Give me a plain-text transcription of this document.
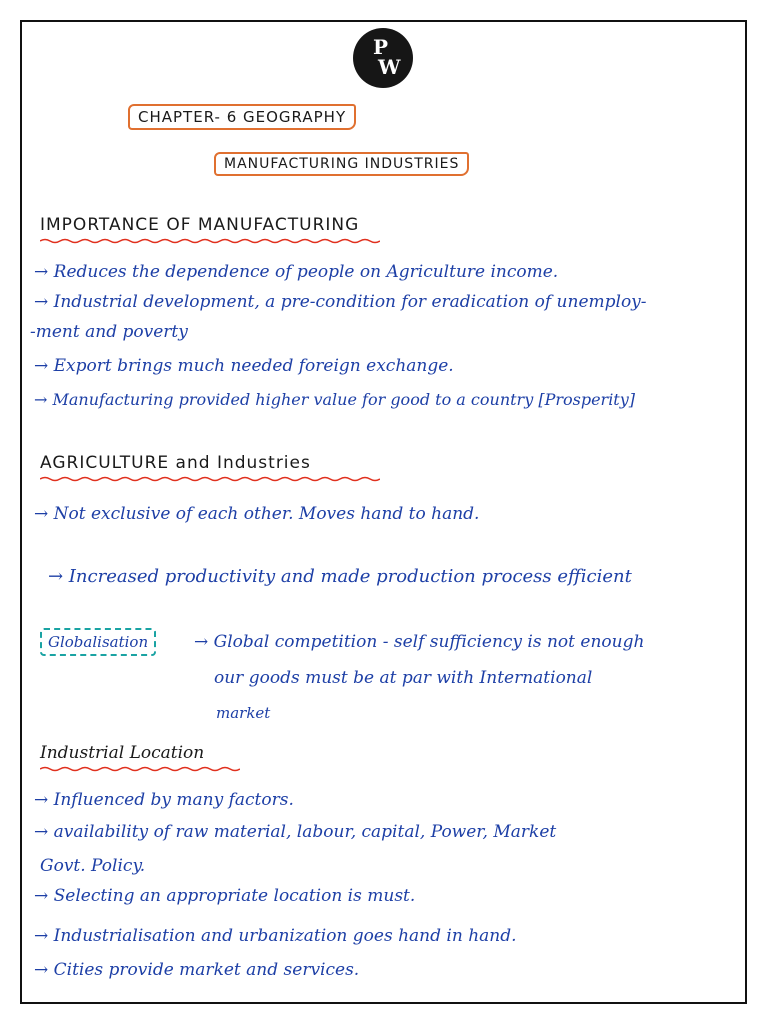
P
W
CHAPTER- 6 GEOGRAPHY
MANUFACTURING INDUSTRIES
IMPORTANCE OF MANUFACTURING
→ Reduces the dependence of people on Agriculture income.
→ Industrial development, a pre-condition for eradication of unemploy-
-ment and poverty
→ Export brings much needed foreign exchange.
→ Manufacturing provided higher value for good to a country [Prosperity]
AGRICULTURE and Industries
→ Not exclusive of each other. Moves hand to hand.
→ Increased productivity and made production process efficient
Globalisation	→ Global competition - self sufficiency is not enough
our goods must be at par with International
market
Industrial Location
→ Influenced by many factors.
→ availability of raw material, labour, capital, Power, Market
Govt. Policy.
→ Selecting an appropriate location is must.
→ Industrialisation and urbanization goes hand in hand.
→ Cities provide market and services.
